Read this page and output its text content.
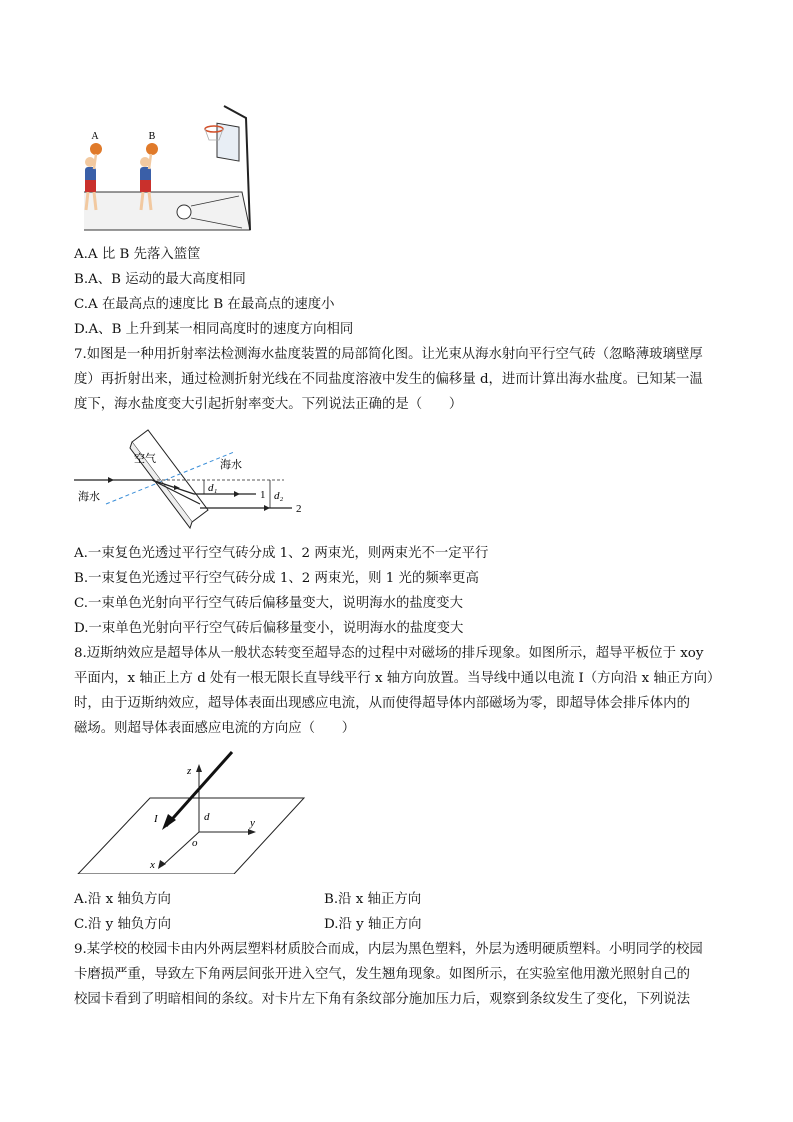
A	B
A.A 比 B 先落入篮筐
B.A、B 运动的最大高度相同
C.A 在最高点的速度比 B 在最高点的速度小
D.A、B 上升到某一相同高度时的速度方向相同
7.如图是一种用折射率法检测海水盐度装置的局部简化图。让光束从海水射向平行空气砖（忽略薄玻璃壁厚
度）再折射出来，通过检测折射光线在不同盐度溶液中发生的偏移量 d，进而计算出海水盐度。已知某一温
度下，海水盐度变大引起折射率变大。下列说法正确的是（　　）
空气	海水
海水
d₁
d₂
1
2
A.一束复色光透过平行空气砖分成 1、2 两束光，则两束光不一定平行
B.一束复色光透过平行空气砖分成 1、2 两束光，则 1 光的频率更高
C.一束单色光射向平行空气砖后偏移量变大，说明海水的盐度变大
D.一束单色光射向平行空气砖后偏移量变小，说明海水的盐度变大
8.迈斯纳效应是超导体从一般状态转变至超导态的过程中对磁场的排斥现象。如图所示，超导平板位于 xoy
平面内，x 轴正上方 d 处有一根无限长直导线平行 x 轴方向放置。当导线中通以电流 I（方向沿 x 轴正方向）
时，由于迈斯纳效应，超导体表面出现感应电流，从而使得超导体内部磁场为零，即超导体会排斥体内的
磁场。则超导体表面感应电流的方向应（　　）
z
y
x
o
d
I
A.沿 x 轴负方向	B.沿 x 轴正方向
C.沿 y 轴负方向	D.沿 y 轴正方向
9.某学校的校园卡由内外两层塑料材质胶合而成，内层为黑色塑料，外层为透明硬质塑料。小明同学的校园
卡磨损严重，导致左下角两层间张开进入空气，发生翘角现象。如图所示，在实验室他用激光照射自己的
校园卡看到了明暗相间的条纹。对卡片左下角有条纹部分施加压力后，观察到条纹发生了变化，下列说法
